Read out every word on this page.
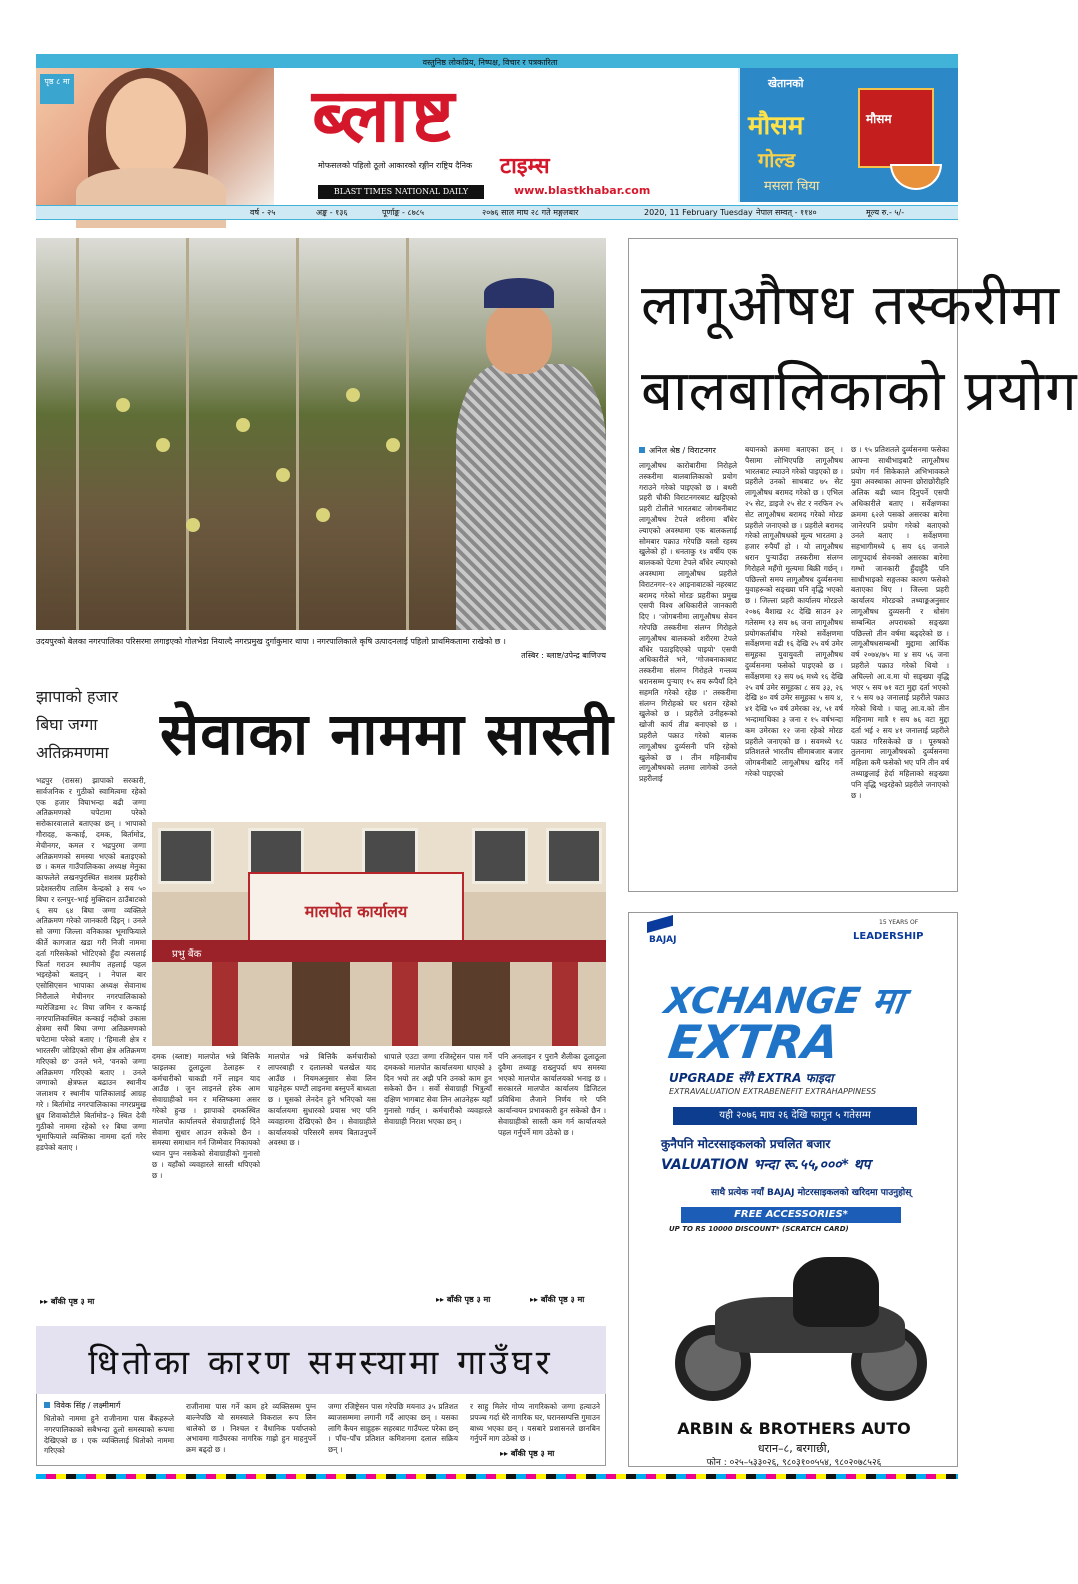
पृष्ठ ८ मा
वस्तुनिष्ठ लोकप्रिय, निष्पक्ष, विचार र पत्रकारिता
ब्लाष्ट
टाइम्स
मोफसलको पहिलो ठूलो आकारको रङ्गीन राष्ट्रिय दैनिक
BLAST TIMES NATIONAL DAILY	www.blastkhabar.com
खेतानको
मौसम
गोल्ड
मसला चिया
मौसम
वर्ष - २५	अङ्क - १३६	पूर्णाङ्क - ८७८५	२०७६ साल माघ २८ गते मङ्गलबार	2020, 11 February Tuesday नेपाल सम्वत् - ११४०	मूल्य रु.- ५/-
उदयपुरको बेलका नगरपालिका परिसरमा लगाइएको गोलभेडा नियाल्दै नगरप्रमुख दुर्गाकुमार थापा । नगरपालिकाले कृषि उत्पादनलाई पहिलो प्राथमिकतामा राखेको छ ।
तस्बिर : ब्लाष्ट/उपेन्द्र बाणिज्य
लागूऔषध तस्करीमा
बालबालिकाको प्रयोग
अनिल श्रेष्ठ / विराटनगर
लागूऔषध कारोबारीमा निरोहले तस्करीमा बालबालिकाको प्रयोग गराउने गरेको पाइएको छ । बथरी प्रहरी चौकी विराटनगरबाट खट्टिएको प्रहरी टोलीले भारतबाट जोगबनीबाट लागूऔषध टेपले शरीरमा बाँधेर ल्याएको अवस्थामा एक बालकलाई सोमबार पक्राउ गरेपछि यस्तो रहस्य खुलेको हो । धनताकु १४ वर्षीय एक बालकको पेटमा टेपले बाँधेर ल्याएको अवस्थामा लागूऔषध प्रहरीले विराटनगर–१२ आइनाबाटको नहरबाट बरामद गरेको मोरङ प्रहरीका प्रमुख एसपी विश्व अधिकारीले जानकारी दिए । 'जोगबनीमा लागूऔषध सेवन गरेपछि तस्करीमा संलग्न गिरोहले लागूऔषध बालकको शरीरमा टेपले बाँधेर पठाइदिएको पाइयो' एसपी अधिकारीले भने, 'गोजबनाकाबाट तस्करीमा संलग्न गिरोहले गन्तव्य धरानसम्म पुर्‍याए १५ सय रूपैयाँ दिने सहमति गरेको रहेछ ।' तस्करीमा संलग्न गिरोहको घर धरान रहेको खुलेको छ । प्रहरीले उनीहरूको खोजी कार्य तीव्र बनाएको छ । प्रहरीले पक्राउ गरेको बालक लागूऔषध दुर्व्यसनी पनि रहेको खुलेको छ । तीन महिनाबीच लागूऔषधको लतमा लागेको उनले प्रहरीलाई
बयानको क्रममा बताएका छन् । पैसामा लोभिएपछि लागूऔषध भारतबाट ल्याउने गरेको पाइएको छ । प्रहरीले उनको साथबाट ७५ सेट लागूऔषध बरामद गरेको छ । एभिल २५ सेट, डाइजे २५ सेट र नरफिन २५ सेट लागूऔषध बरामद गरेको मोरङ प्रहरीले जनाएको छ । प्रहरीले बरामद गरेको लागूऔषधको मूल्य भारतमा ३ हजार रुपैयाँ हो । यो लागूऔषध धरान पुर्‍याउँदा तस्करीमा संलग्न गिरोहले महँगो मूल्यमा बिक्री गर्छन् । पछिल्लो समय लागूऔषध दुर्व्यसनमा युवाहरूको सङ्ख्या पनि वृद्धि भएको छ । जिल्ला प्रहरी कार्यालय मोरङले २०७६ बैशाख २८ देखि साउन ३२ गतेसम्म १३ सय ७६ जना लागूऔषध प्रयोगकर्ताबीच गरेको सर्वेक्षणमा सर्वेक्षणमा वढी १६ देखि २५ वर्ष उमेर समूहका युवायुवती लागूऔषध दुर्व्यसनमा फसेको पाइएको छ । सर्वेक्षणमा १३ सय ७६ मध्ये १६ देखि २५ वर्ष उमेर समूहका ८ सय ३३, २६ देखि ४० वर्ष उमेर समूहका ५ सय ४, ४१ देखि ५० वर्ष उमेरका २४, ५१ वर्ष भन्दामाथिका ३ जना र १५ वर्षभन्दा कम उमेरका १२ जना रहेको मोरङ प्रहरीले जनाएको छ । सवमध्ये ९८ प्रतिशतले भारतीय सीमाबजार बजार जोगबनीबाटै लागूऔषध खरिद गर्ने गरेको पाइएको
छ । ९५ प्रतिशतले दुर्व्यसनमा फसेका आफ्ना साथीभाइबाटै लागूऔषध प्रयोग गर्न सिकेकाले अभिभावकले युवा अवस्थाका आफ्ना छोराछोरीहरि अलिक बढी ध्यान दिनुपर्ने एसपी अधिकारीले बताए । सर्वेक्षणका क्रममा ६२ले पसको असरका बारेमा जानेरपनि प्रयोग गरेको बताएको उनले बताए । सर्वेक्षणमा सहभागीमध्ये ६ सय ६६ जनाले लागूपदार्थ सेवनको असरका बारेमा गम्भो जानकारी हुँदाहुँदै पनि साथीभाइको सङ्गतका कारण फसेको बताएका थिए । जिल्ला प्रहरी कार्यालय मोरङको तथ्याङ्कअनुसार लागूऔषध दुव्यसनी र धोसंग सम्बन्धित अपराधको सङ्ख्या पछिल्लो तीन वर्षमा बढ्दरेको छ । लागूऔषधसम्बन्धी मुद्दामा आर्थिक वर्ष २०७४/७५ मा ४ सय ५६ जना प्रहरीले पक्राउ गरेको थियो । अघिल्लो आ.व.मा यो सङ्ख्या वृद्धि भएर ५ सय ७१ वटा मुद्दा दर्ता भएको र ५ सय ७३ जनालाई प्रहरीले पक्राउ गरेको थियो । चालू आ.व.को तीन महिनामा मात्रै १ सय ७६ वटा मुद्दा दर्ता भई २ सय ४१ जनालाई प्रहरीले पक्राउ गरिसकेको छ । पूरुषको तुलनामा लागूऔषधको दुर्व्यसनमा महिला कमै फसेको भए पनि तीन वर्ष तथ्याङ्कलाई हेर्दा महिलाको सङ्ख्या पनि वृद्धि भइरहेको प्रहरीले जनाएको छ ।
झापाको हजार
बिघा जग्गा
अतिक्रमणमा
भद्रपुर (रासस) झापाको सरकारी, सार्वजनिक र गुठीको स्वामित्वमा रहेको एक हजार विघाभन्दा बढी जग्गा अतिक्रमणको चपेटामा परेको सरोकारवालाले बताएका छन् । भापाको गौरादह, कन्काई, दमक, बिर्तामोड, मेचीनगर, कमल र भद्रपुरमा जग्गा अतिक्रमणको समस्या भएको बताइएको छ । कमल गाउँपालिकका अध्यक्ष मेनुका काफलेले लखनपुरस्थित सशस्त्र प्रहरीको प्रदेशस्तरीय तालिम केन्द्रको ३ सय ५० बिघा र रत्नपुर–भाई मुक्तिदान ठाउँबाटको ६ सय ६४ बिघा जग्गा व्यक्तिले अतिक्रमण गरेको जानकारी दिइन् । उनले सो जग्गा जिल्ला वनिकाका भूमाफियाले कीर्ते कागजात खडा गरी निजी नाममा दर्ता गरिसकेको भोटिएको हुँदा त्यसलाई फिर्ता गराउन स्थानीय तहलाई पहल भइरहेको बताइन् । नेपाल बार एसोसिएसन भापाका अध्यक्ष सेवानाथ निरौलाले मेचीनगर नगरपालिकाको ग्यारेजिङमा २८ विघा जमिन र कन्काई नगरपालिकास्थित कन्काई नदीको उकास क्षेत्रमा सयौं बिघा जग्गा अतिक्रमणको चपेटामा परेको बताए । 'हिमाली क्षेत्र र भारतसँग जोडिएको सीमा क्षेत्र अतिक्रमण गरिएको छ' उनले भने, 'वनको जग्गा अतिक्रमण गरिएको बताए । उनले जग्गाको क्षेत्रफल बढाउन स्थानीय जलाशय र स्थानीय पालिकालाई आग्रह गरे । बिर्तामोड नगरपालिकाका नगरप्रमुख ध्रुव शिवाकोटीले बिर्तामोड–३ स्थित देवी गुठीको नाममा रहेको १२ बिघा जग्गा भूमाफियाले व्यक्तिका नाममा दर्ता गरेर हडपेको बताए ।
▸▸ बाँकी पृष्ठ ३ मा
सेवाका नाममा सास्ती
मालपोत कार्यालय
प्रभु बैंक
दमक (ब्लाष्ट) मालपोत भन्ने बित्तिकै फाइलका ठूलाठूला ठेलाहरू र कर्मचारीको चाकडी गर्ने लाइन याद आउँछ । जुन लाइनले हरेक आम सेवाग्राहीको मन र मस्तिष्कमा असर गरेको हुन्छ । झापाको दमकस्थित मालपोत कार्यालयले सेवाग्राहीलाई दिने सेवामा सुधार आउन सकेको छैन । समस्या समाधान गर्न जिम्मेवार निकायको ध्यान पुग्न नसकेको सेवाग्राहीको गुनासो छ । यहाँको व्यवहारले सास्ती थपिएको छ ।
मालपोत भन्ने बित्तिकै कर्मचारीको लापरबाही र दलालको चलखेल याद आउँछ । नियमअनुसार सेवा लिन चाहनेहरू घण्टौं लाइनमा बस्नुपर्ने बाध्यता छ । घूसको लेनदेन हुने भनिएको यस कार्यालयमा सुधारको प्रयास भए पनि व्यवहारमा देखिएको छैन । सेवाग्राहीले कार्यालयको परिसरमै समय बिताउनुपर्ने अवस्था छ ।
धापाले एउटा जग्गा रजिस्ट्रेसन पास गर्ने दमकको मालपोत कार्यालयमा धाएको ३ दिन भयो तर अझै पनि उनको काम हुन सकेको छैन । सर्वो सेवाग्राही भित्रुत्याँ दक्षिण भागबाट सेवा लिन आउनेहरू यहाँ गुनासो गर्छन् । कर्मचारीको व्यवहारले सेवाग्राही निराश भएका छन् ।
पनि अनलाइन र पुरानै शैलीका ठूलाठूला दुवैमा तथ्याङ्क राख्नुपर्दा थप समस्या भएको मालपोत कार्यालयको भनाइ छ । सरकारले मालपोत कार्यालय डिजिटल प्रविधिमा लैजाने निर्णय गरे पनि कार्यान्वयन प्रभावकारी हुन सकेको छैन । सेवाग्राहीको सास्ती कम गर्न कार्यालयले पहल गर्नुपर्ने माग उठेको छ ।
▸▸ बाँकी पृष्ठ ३ मा	▸▸ बाँकी पृष्ठ ३ मा
धितोका कारण समस्यामा गाउँघर
विवेक सिंह / लक्ष्मीमार्ग
धितोको नाममा हुने राजीनामा पास बैंकहरूले नगरपालिकाको सबैभन्दा ठूलो समस्याको रूपमा देखिएको छ । एक व्यक्तिलाई धितोको नाममा गरिएको
राजीनामा पास गर्ने काम हरे व्यक्तिसम्म पुग्न बाल्नेपछि यो समस्याले विकराल रूप लिन थालेको छ । निश्चल र वैधानिक पर्याप्तको अभावमा गाउँघरका नागरिक गाह्रो हुन माहनुपर्ने क्रम बढ्दो छ ।
जग्गा रजिष्ट्रेसन पास गरेपछि मयनाउ ३५ प्रतिशत ब्याजसम्ममा लगानी गर्दै आएका छन् । यसका लागि कैयन साहुहरू सहरबाट गाउँपल्ट परेका छन् । पाँच–पाँच प्रतिशत कमिशनमा दलाल सक्रिय छन् ।
र साहु मिलेर गोप्य नागरिकको जग्गा हत्याउने प्रपञ्च गर्दा धेरै नागरिक घर, घरानसम्पत्ति गुमाउन बाध्य भएका छन् । यसबारे प्रशासनले छानबिन गर्नुपर्ने माग उठेको छ ।
▸▸ बाँकी पृष्ठ ३ मा
BAJAJ
15 YEARS OF
LEADERSHIP
XCHANGE मा
EXTRA
UPGRADE सँगै EXTRA फाइदा
EXTRAVALUATION EXTRABENEFIT EXTRAHAPPINESS
यही २०७६ माघ २६ देखि फागुन ५ गतेसम्म
कुनैपनि मोटरसाइकलको प्रचलित बजार
VALUATION भन्दा रू.५५,०००* थप
साथै प्रत्येक नयाँ BAJAJ मोटरसाइकलको खरिदमा पाउनुहोस्
FREE ACCESSORIES*
UP TO RS 10000 DISCOUNT* (SCRATCH CARD)
ARBIN & BROTHERS AUTO
धरान–८, बरगाछी,
फोन : ०२५–५३३०२६, ९८०३१००५५४, ९८०२०७८५२६
